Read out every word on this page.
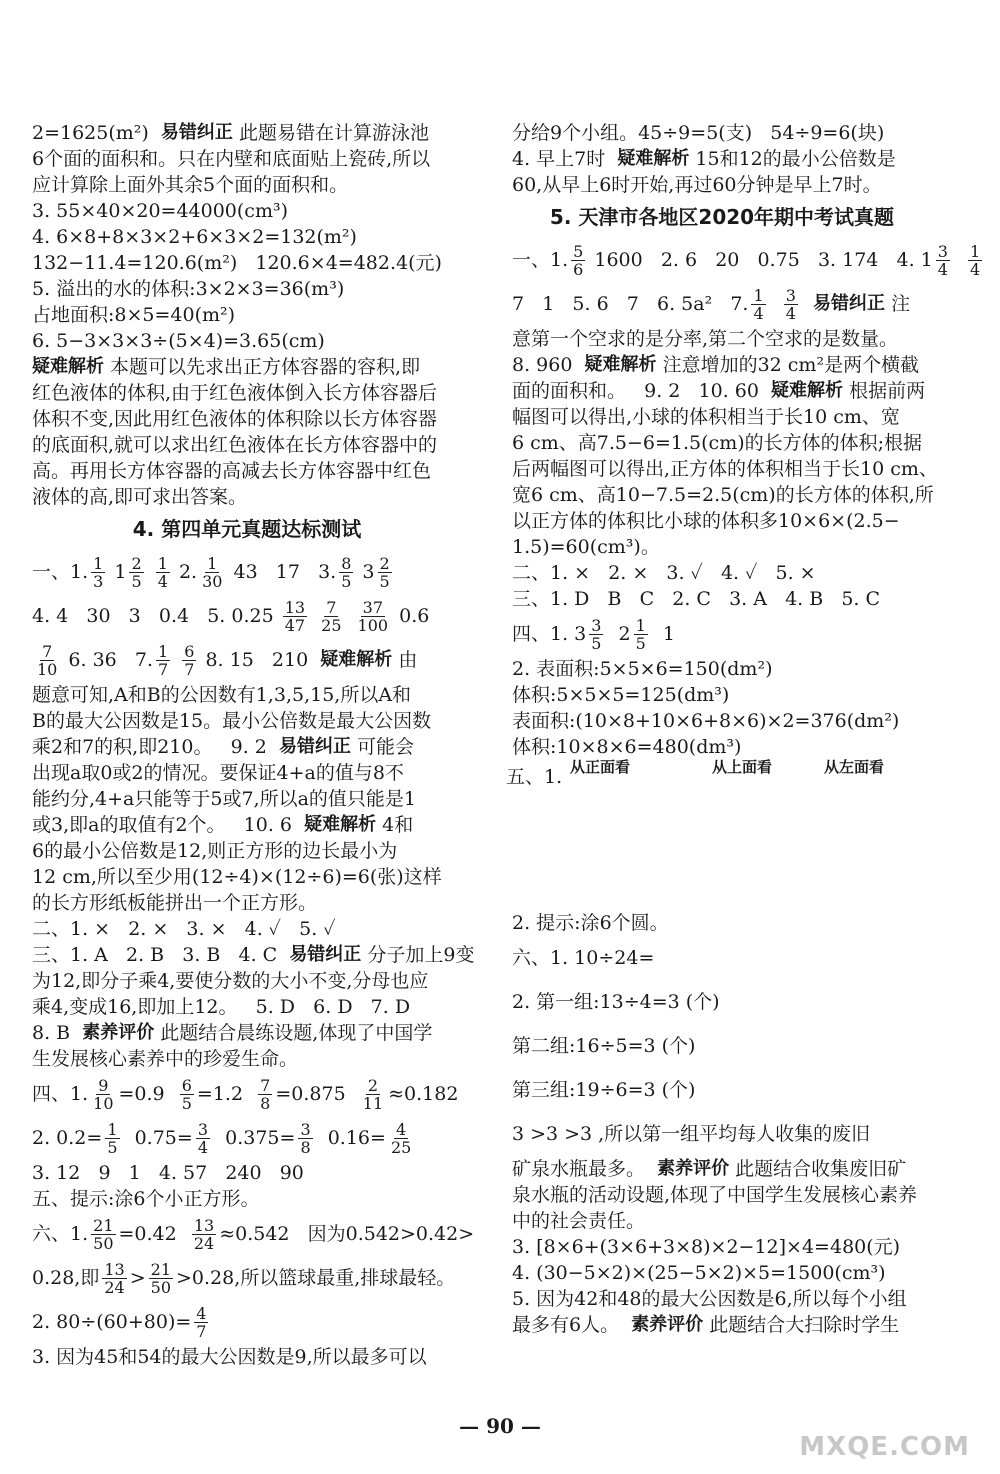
2=1625(m²)
易错纠正
此题易错在计算游泳池
6个面的面积和。只在内壁和底面贴上瓷砖,所以
应计算除上面外其余5个面的面积和。
3. 55×40×20=44000(cm³)
4. 6×8+8×3×2+6×3×2=132(m²)
132−11.4=120.6(m²)   120.6×4=482.4(元)
5. 溢出的水的体积:3×2×3=36(m³)
占地面积:8×5=40(m²)
6. 5−3×3×3÷(5×4)=3.65(cm)
疑难解析
本题可以先求出正方体容器的容积,即
红色液体的体积,由于红色液体倒入长方体容器后
体积不变,因此用红色液体的体积除以长方体容器
的底面积,就可以求出红色液体在长方体容器中的
高。再用长方体容器的高减去长方体容器中红色
液体的高,即可求出答案。
4. 第四单元真题达标测试
一、1. $\frac{1}{3} 1 \frac{2}{5}$
$\frac{1}{4}$
2. $\frac{1}{30}$
43   17   3. $\frac{8}{5} 3 \frac{2}{5}$
4. 4   30   3   0.4   5. 0.25
$\frac{13}{47}$
$\frac{7}{25}$
$\frac{37}{100}$
0.6
$\frac{7}{10}$
6. 36   7. $\frac{1}{7}$
$\frac{6}{7}$
8. 15   210
疑难解析
由
题意可知,A和B的公因数有1,3,5,15,所以A和
B的最大公因数是15。最小公倍数是最大公因数
乘2和7的积,即210。   9. 2
易错纠正
可能会
出现a取0或2的情况。要保证4+a的值与8不
能约分,4+a只能等于5或7,所以a的值只能是1
或3,即a的取值有2个。   10. 6
疑难解析
4和
6的最小公倍数是12,则正方形的边长最小为
12 cm,所以至少用(12÷4)×(12÷6)=6(张)这样
的长方形纸板能拼出一个正方形。
二、1. ×   2. ×   3. ×   4. ✓   5. ✓
三、1. A   2. B   3. B   4. C
易错纠正
分子加上9变
为12,即分子乘4,要使分数的大小不变,分母也应
乘4,变成16,即加上12。   5. D   6. D   7. D
8. B
素养评价
此题结合晨练设题,体现了中国学
生发展核心素养中的珍爱生命。
四、1. $\frac{9}{10} =0.9$
$\frac{6}{5} =1.2$
$\frac{7}{8} =0.875$
$\frac{2}{11} \approx 0.182$
2. $0.2= \frac{1}{5}$
$0.75= \frac{3}{4}$
$0.375= \frac{3}{8}$
$0.16= \frac{4}{25}$
3. 12   9   1   4. 57   240   90
五、提示:涂6个小正方形。
六、1. $\frac{21}{50} =0.42$
$\frac{13}{24} \approx 0.542$   因为0.542>0.42>
0.28,即 $\frac{13}{24} > \frac{21}{50} >0.28$,所以篮球最重,排球最轻。
2. $80\div(60+80)= \frac{4}{7}$
3. 因为45和54的最大公因数是9,所以最多可以
分给9个小组。45÷9=5(支)   54÷9=6(块)
4. 早上7时
疑难解析
15和12的最小公倍数是
60,从早上6时开始,再过60分钟是早上7时。
5. 天津市各地区2020年期中考试真题
一、1. $\frac{5}{6}$
1600   2. 6   20   0.75   3. 174   4. $1 \frac{3}{4}$
$\frac{1}{4}$
7   1   5. 6   7   6. 5a²   7. $\frac{1}{4}$
$\frac{3}{4}$
易错纠正
注
意第一个空求的是分率,第二个空求的是数量。
8. 960
疑难解析
注意增加的32 cm²是两个横截
面的面积和。   9. 2   10. 60
疑难解析
根据前两
幅图可以得出,小球的体积相当于长10 cm、宽
6 cm、高7.5−6=1.5(cm)的长方体的体积;根据
后两幅图可以得出,正方体的体积相当于长10 cm、
宽6 cm、高10−7.5=2.5(cm)的长方体的体积,所
以正方体的体积比小球的体积多10×6×(2.5−
1.5)=60(cm³)。
二、1. ×   2. ×   3. ✓   4. ✓   5. ×
三、1. D   B   C   2. C   3. A   4. B   5. C
四、1. $3 \frac{3}{5} 2 \frac{1}{5} 1$

2. 表面积:5×5×6=150(dm²)
体积:5×5×5=125(dm³)
表面积:(10×8+10×6+8×6)×2=376(dm²)
体积:10×8×6=480(dm³)
五、1. 从正面看	从上面看	从左面看
2. 提示:涂6个圆。
六、1. 10÷24=
2. 第一组:13÷4=3 (个)
第二组:16÷5=3 (个)
第三组:19÷6=3 (个)
3 >3 >3 ,所以第一组平均每人收集的废旧
矿泉水瓶最多。
素养评价
此题结合收集废旧矿
泉水瓶的活动设题,体现了中国学生发展核心素养
中的社会责任。
3. [8×6+(3×6+3×8)×2−12]×4=480(元)
4. (30−5×2)×(25−5×2)×5=1500(cm³)
5. 因为42和48的最大公因数是6,所以每个小组
最多有6人。
素养评价
此题结合大扫除时学生
— 90 —
MXQE.COM
